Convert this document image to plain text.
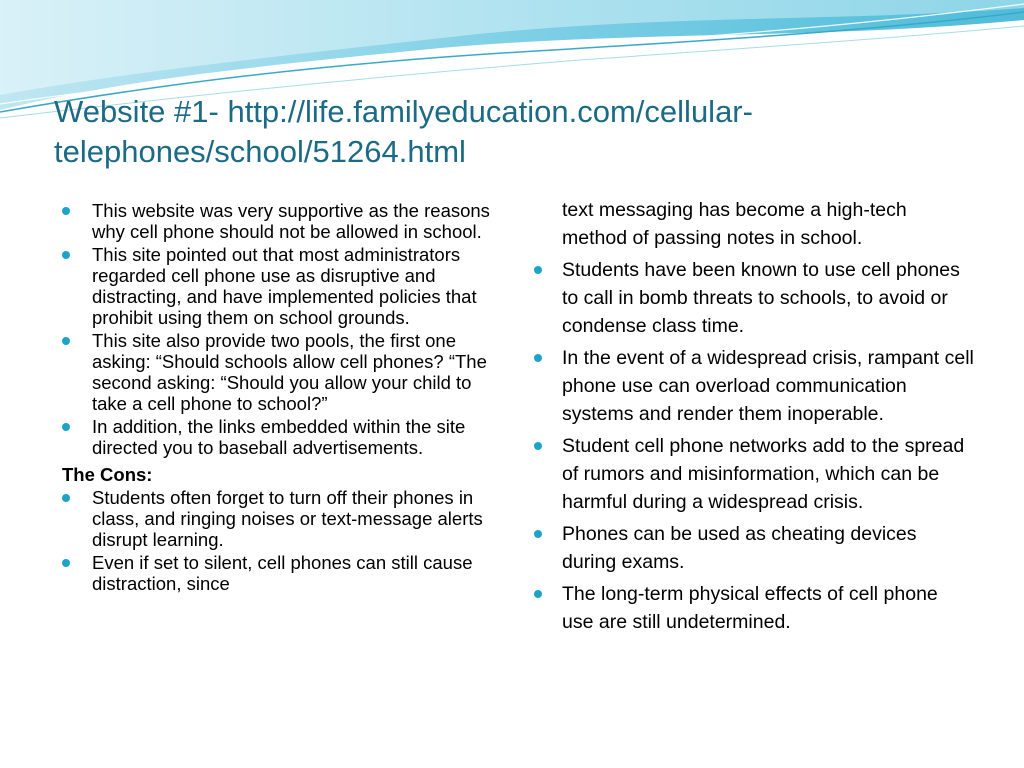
Website #1- http://life.familyeducation.com/cellular-telephones/school/51264.html
This website was very supportive as the reasons why cell phone should not be allowed in school.
This site pointed out that most administrators regarded cell phone use as disruptive and distracting, and have implemented policies that prohibit using them on school grounds.
This site also provide two pools, the first one asking: “Should schools allow cell phones? “The second asking: “Should you allow your child to take a cell phone to school?”
In addition, the links embedded within the site directed you to baseball advertisements.
The Cons:
Students often forget to turn off their phones in class, and ringing noises or text-message alerts disrupt learning.
Even if set to silent, cell phones can still cause distraction, since
text messaging has become a high-tech method of passing notes in school.
Students have been known to use cell phones to call in bomb threats to schools, to avoid or condense class time.
In the event of a widespread crisis, rampant cell phone use can overload communication systems and render them inoperable.
Student cell phone networks add to the spread of rumors and misinformation, which can be harmful during a widespread crisis.
Phones can be used as cheating devices during exams.
The long-term physical effects of cell phone use are still undetermined.
